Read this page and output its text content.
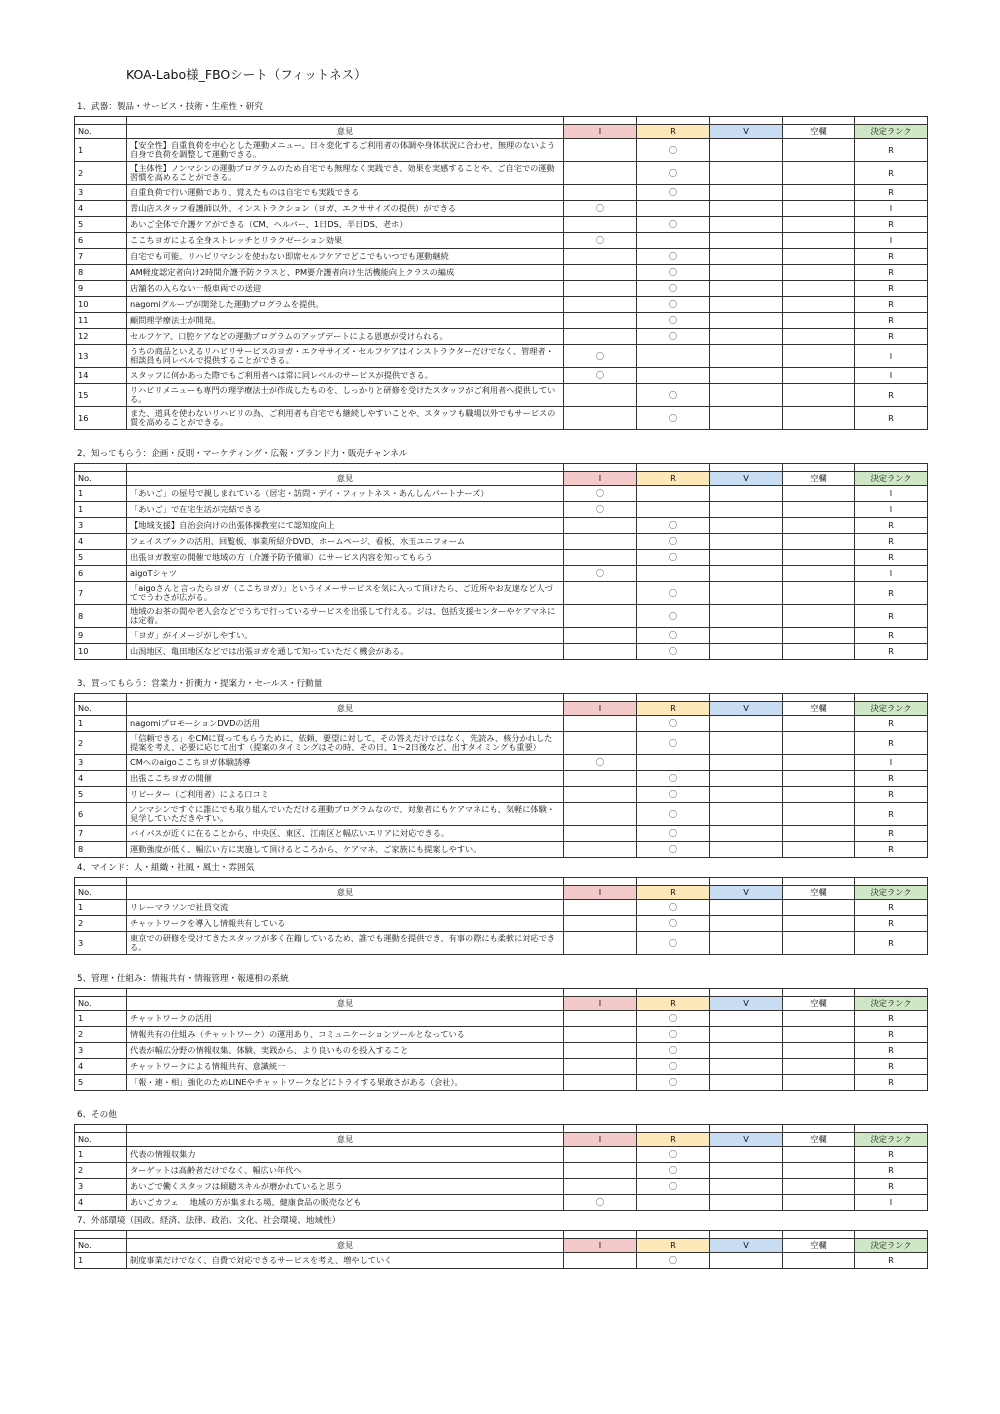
KOA-Labo様_FBOシート（フィットネス）
1、武器：製品・サービス・技術・生産性・研究

No.	意見	I	R	V	空欄	決定ランク
1	【安全性】自重負荷を中心とした運動メニュー。日々変化するご利用者の体調や身体状況に合わせ、無理のないよう自身で負荷を調整して運動できる。		〇			R
2	【主体性】ノンマシンの運動プログラムのため自宅でも無理なく実践でき、効果を実感することや、ご自宅での運動習慣を高めることができる。		〇			R
3	自重負荷で行い運動であり、覚えたものは自宅でも実践できる		〇			R
4	青山店スタッフ看護師以外、インストラクション（ヨガ、エクササイズの提供）ができる	〇				I
5	あいご全体で介護ケアができる（CM、ヘルパー、1日DS、半日DS、老ホ）		〇			R
6	ここちヨガによる全身ストレッチとリラクゼーション効果	〇				I
7	自宅でも可能、リハビリマシンを使わない即席セルフケアでどこでもいつでも運動継続		〇			R
8	AM軽度認定者向け2時間介護予防クラスと、PM要介護者向け生活機能向上クラスの編成		〇			R
9	店舗名の入らない一般車両での送迎		〇			R
10	nagomiグループが開発した運動プログラムを提供。		〇			R
11	顧問理学療法士が開発。		〇			R
12	セルフケア、口腔ケアなどの運動プログラムのアップデートによる恩恵が受けられる。		〇			R
13	うちの商品といえるリハビリサービスのヨガ・エクササイズ・セルフケアはインストラクターだけでなく、管理者・相談員も同レベルで提供することができる。	〇				I
14	スタッフに何かあった際でもご利用者へは常に同レベルのサービスが提供できる。	〇				I
15	リハビリメニューも専門の理学療法士が作成したものを、しっかりと研修を受けたスタッフがご利用者へ提供している。		〇			R
16	また、道具を使わないリハビリの為、ご利用者も自宅でも継続しやすいことや、スタッフも職場以外でもサービスの質を高めることができる。		〇			R
2、知ってもらう：企画・反則・マーケティング・広報・ブランド力・販売チャンネル

No.	意見	I	R	V	空欄	決定ランク
1	「あいご」の屋号で親しまれている（居宅・訪問・デイ・フィットネス・あんしんパートナーズ）	〇				I
1	「あいご」で在宅生活が完結できる	〇				I
3	【地域支援】自治会向けの出張体操教室にて認知度向上		〇			R
4	フェイスブックの活用、回覧板、事業所紹介DVD、ホームページ、看板、水玉ユニフォーム		〇			R
5	出張ヨガ教室の開催で地域の方（介護予防予備軍）にサービス内容を知ってもらう		〇			R
6	aigoTシャツ	〇				I
7	「aigoさんと言ったらヨガ（ここちヨガ）」というイメーサービスを気に入って頂けたら、ご近所やお友達など人づてでうわさが広がる。		〇			R
8	地域のお茶の間や老人会などでうちで行っているサービスを出張して行える。ジは、包括支援センターやケアマネには定着。		〇			R
9	「ヨガ」がイメージがしやすい。		〇			R
10	山潟地区、亀田地区などでは出張ヨガを通して知っていただく機会がある。		〇			R
3、買ってもらう：営業力・折衝力・提案力・セールス・行動量

No.	意見	I	R	V	空欄	決定ランク
1	nagomiプロモーションDVDの活用		〇			R
2	「信頼できる」をCMに買ってもらうために、依頼、要望に対して、その答えだけではなく、先読み、核分かれした提案を考え、必要に応じて出す（提案のタイミングはその時、その日、1～2日後など、出すタイミングも重要）		〇			R
3	CMへのaigoここちヨガ体験誘導	〇				I
4	出張ここちヨガの開催		〇			R
5	リピーター（ご利用者）による口コミ		〇			R
6	ノンマシンですぐに誰にでも取り組んでいただける運動プログラムなので、対象者にもケアマネにも、気軽に体験・見学していただきやすい。		〇			R
7	バイパスが近くに在ることから、中央区、東区、江南区と幅広いエリアに対応できる。		〇			R
8	運動強度が低く、幅広い方に実施して頂けるところから、ケアマネ、ご家族にも提案しやすい。		〇			R
4、マインド：人・組織・社風・風土・雰囲気

No.	意見	I	R	V	空欄	決定ランク
1	リレーマラソンで社員交流		〇			R
2	チャットワークを導入し情報共有している		〇			R
3	東京での研修を受けてきたスタッフが多く在籍しているため、誰でも運動を提供でき、有事の際にも柔軟に対応できる。		〇			R
5、管理・仕組み：情報共有・情報管理・報連相の系統

No.	意見	I	R	V	空欄	決定ランク
1	チャットワークの活用		〇			R
2	情報共有の仕組み（チャットワーク）の運用あり、コミュニケーションツールとなっている		〇			R
3	代表が幅広分野の情報収集、体験、実践から、より良いものを投入すること		〇			R
4	チャットワークによる情報共有、意識統一		〇			R
5	「報・連・相」強化のためLINEやチャットワークなどにトライする果敢さがある（会社）。		〇			R
6、その他

No.	意見	I	R	V	空欄	決定ランク
1	代表の情報収集力		〇			R
2	ターゲットは高齢者だけでなく、幅広い年代へ		〇			R
3	あいごで働くスタッフは傾聴スキルが磨かれていると思う		〇			R
4	あいごカフェ　 地域の方が集まれる場、健康食品の販売なども	〇				I
7、外部環境（国政、経済、法律、政治、文化、社会環境、地域性）

No.	意見	I	R	V	空欄	決定ランク
1	制度事業だけでなく、自費で対応できるサービスを考え、増やしていく		〇			R
